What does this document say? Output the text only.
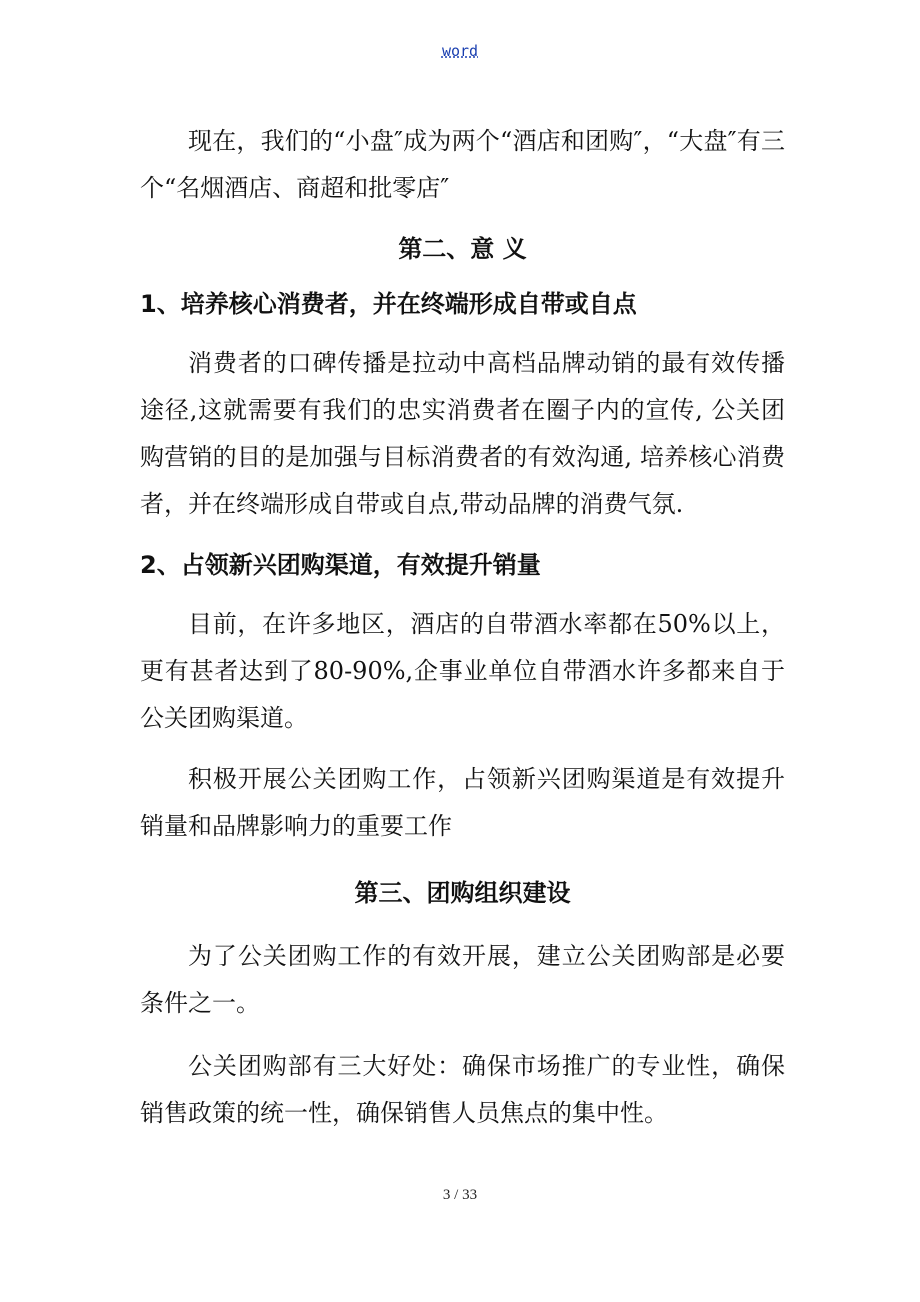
word

现在，我们的“小盘″成为两个“酒店和团购″，“大盘″有三个“名烟酒店、商超和批零店″

第二、意 义

1、培养核心消费者，并在终端形成自带或自点

消费者的口碑传播是拉动中高档品牌动销的最有效传播途径,这就需要有我们的忠实消费者在圈子内的宣传, 公关团购营销的目的是加强与目标消费者的有效沟通, 培养核心消费者，并在终端形成自带或自点,带动品牌的消费气氛.

2、占领新兴团购渠道，有效提升销量

目前，在许多地区，酒店的自带酒水率都在50%以上，更有甚者达到了80-90%,企事业单位自带酒水许多都来自于公关团购渠道。

积极开展公关团购工作，占领新兴团购渠道是有效提升销量和品牌影响力的重要工作

第三、团购组织建设

为了公关团购工作的有效开展，建立公关团购部是必要条件之一。

公关团购部有三大好处：确保市场推广的专业性，确保销售政策的统一性，确保销售人员焦点的集中性。

3 / 33
